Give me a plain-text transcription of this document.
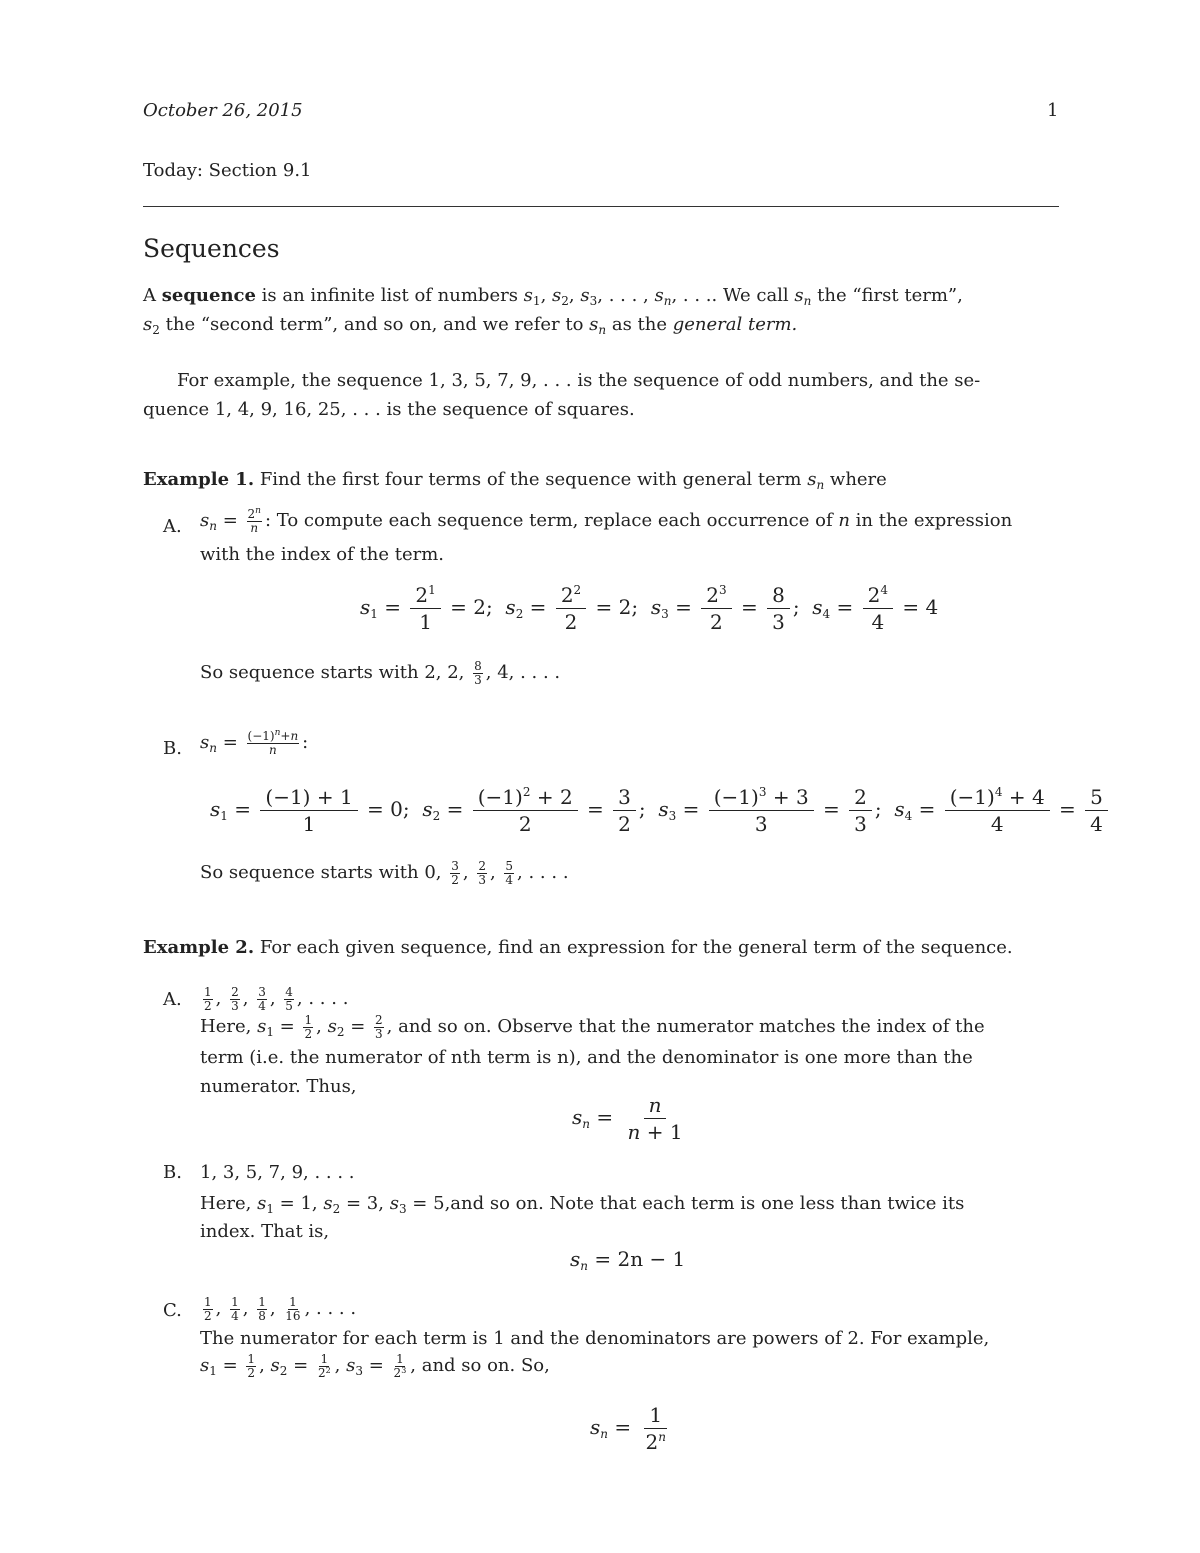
October 26, 2015	1
Today: Section 9.1
Sequences
A sequence is an infinite list of numbers $s_1$, $s_2$, $s_3$, . . . , $s_n$, . . .. We call $s_n$ the “first term”,
$s_2$ the “second term”, and so on, and we refer to $s_n$ as the general term.
For example, the sequence 1, 3, 5, 7, 9, . . . is the sequence of odd numbers, and the se-
quence 1, 4, 9, 16, 25, . . . is the sequence of squares.
Example 1. Find the first four terms of the sequence with general term $s_n$ where
A. $s_n = \frac{2^n}{n}$ : To compute each sequence term, replace each occurrence of n in the expression
with the index of the term.
$s_1 = \frac{2^1}{1} = 2$;  $s_2 = \frac{2^2}{2} = 2$;  $s_3 = \frac{2^3}{2} = \frac{8}{3}$ ;  $s_4 = \frac{2^4}{4} = 4$
So sequence starts with 2, 2, $\frac{8}{3}$ , 4, . . . .
B. $s_n = \frac{(-1)^n+n}{n}$ :
$s_1 = \frac{(-1) + 1}{1} = 0$;  $s_2 = \frac{(-1)^2 + 2}{2} = \frac{3}{2}$ ;  $s_3 = \frac{(-1)^3 + 3}{3} = \frac{2}{3}$ ;  $s_4 = \frac{(-1)^4 + 4}{4} = \frac{5}{4}$
So sequence starts with 0, $\frac{3}{2}$ , $\frac{2}{3}$ , $\frac{5}{4}$ , . . . .
Example 2. For each given sequence, find an expression for the general term of the sequence.
A. $\frac{1}{2}$ , $\frac{2}{3}$ , $\frac{3}{4}$ , $\frac{4}{5}$ , . . . .
Here, $s_1 = \frac{1}{2}$ , $s_2 = \frac{2}{3}$ , and so on. Observe that the numerator matches the index of the
term (i.e. the numerator of nth term is n), and the denominator is one more than the
numerator. Thus,
$s_n = \frac{n}{n + 1}$
B. 1, 3, 5, 7, 9, . . . .
Here, $s_1 = 1$, $s_2 = 3$, $s_3 = 5,and$ so on. Note that each term is one less than twice its
index. That is,
$s_n = 2n - 1$
C. $\frac{1}{2}$ , $\frac{1}{4}$ , $\frac{1}{8}$ , $\frac{1}{16}$ , . . . .
The numerator for each term is 1 and the denominators are powers of 2. For example,
$s_1 = \frac{1}{2}$ , $s_2 = \frac{1}{2^2}$ , $s_3 = \frac{1}{2^3}$ , and so on. So,
$s_n = \frac{1}{2^n}$
